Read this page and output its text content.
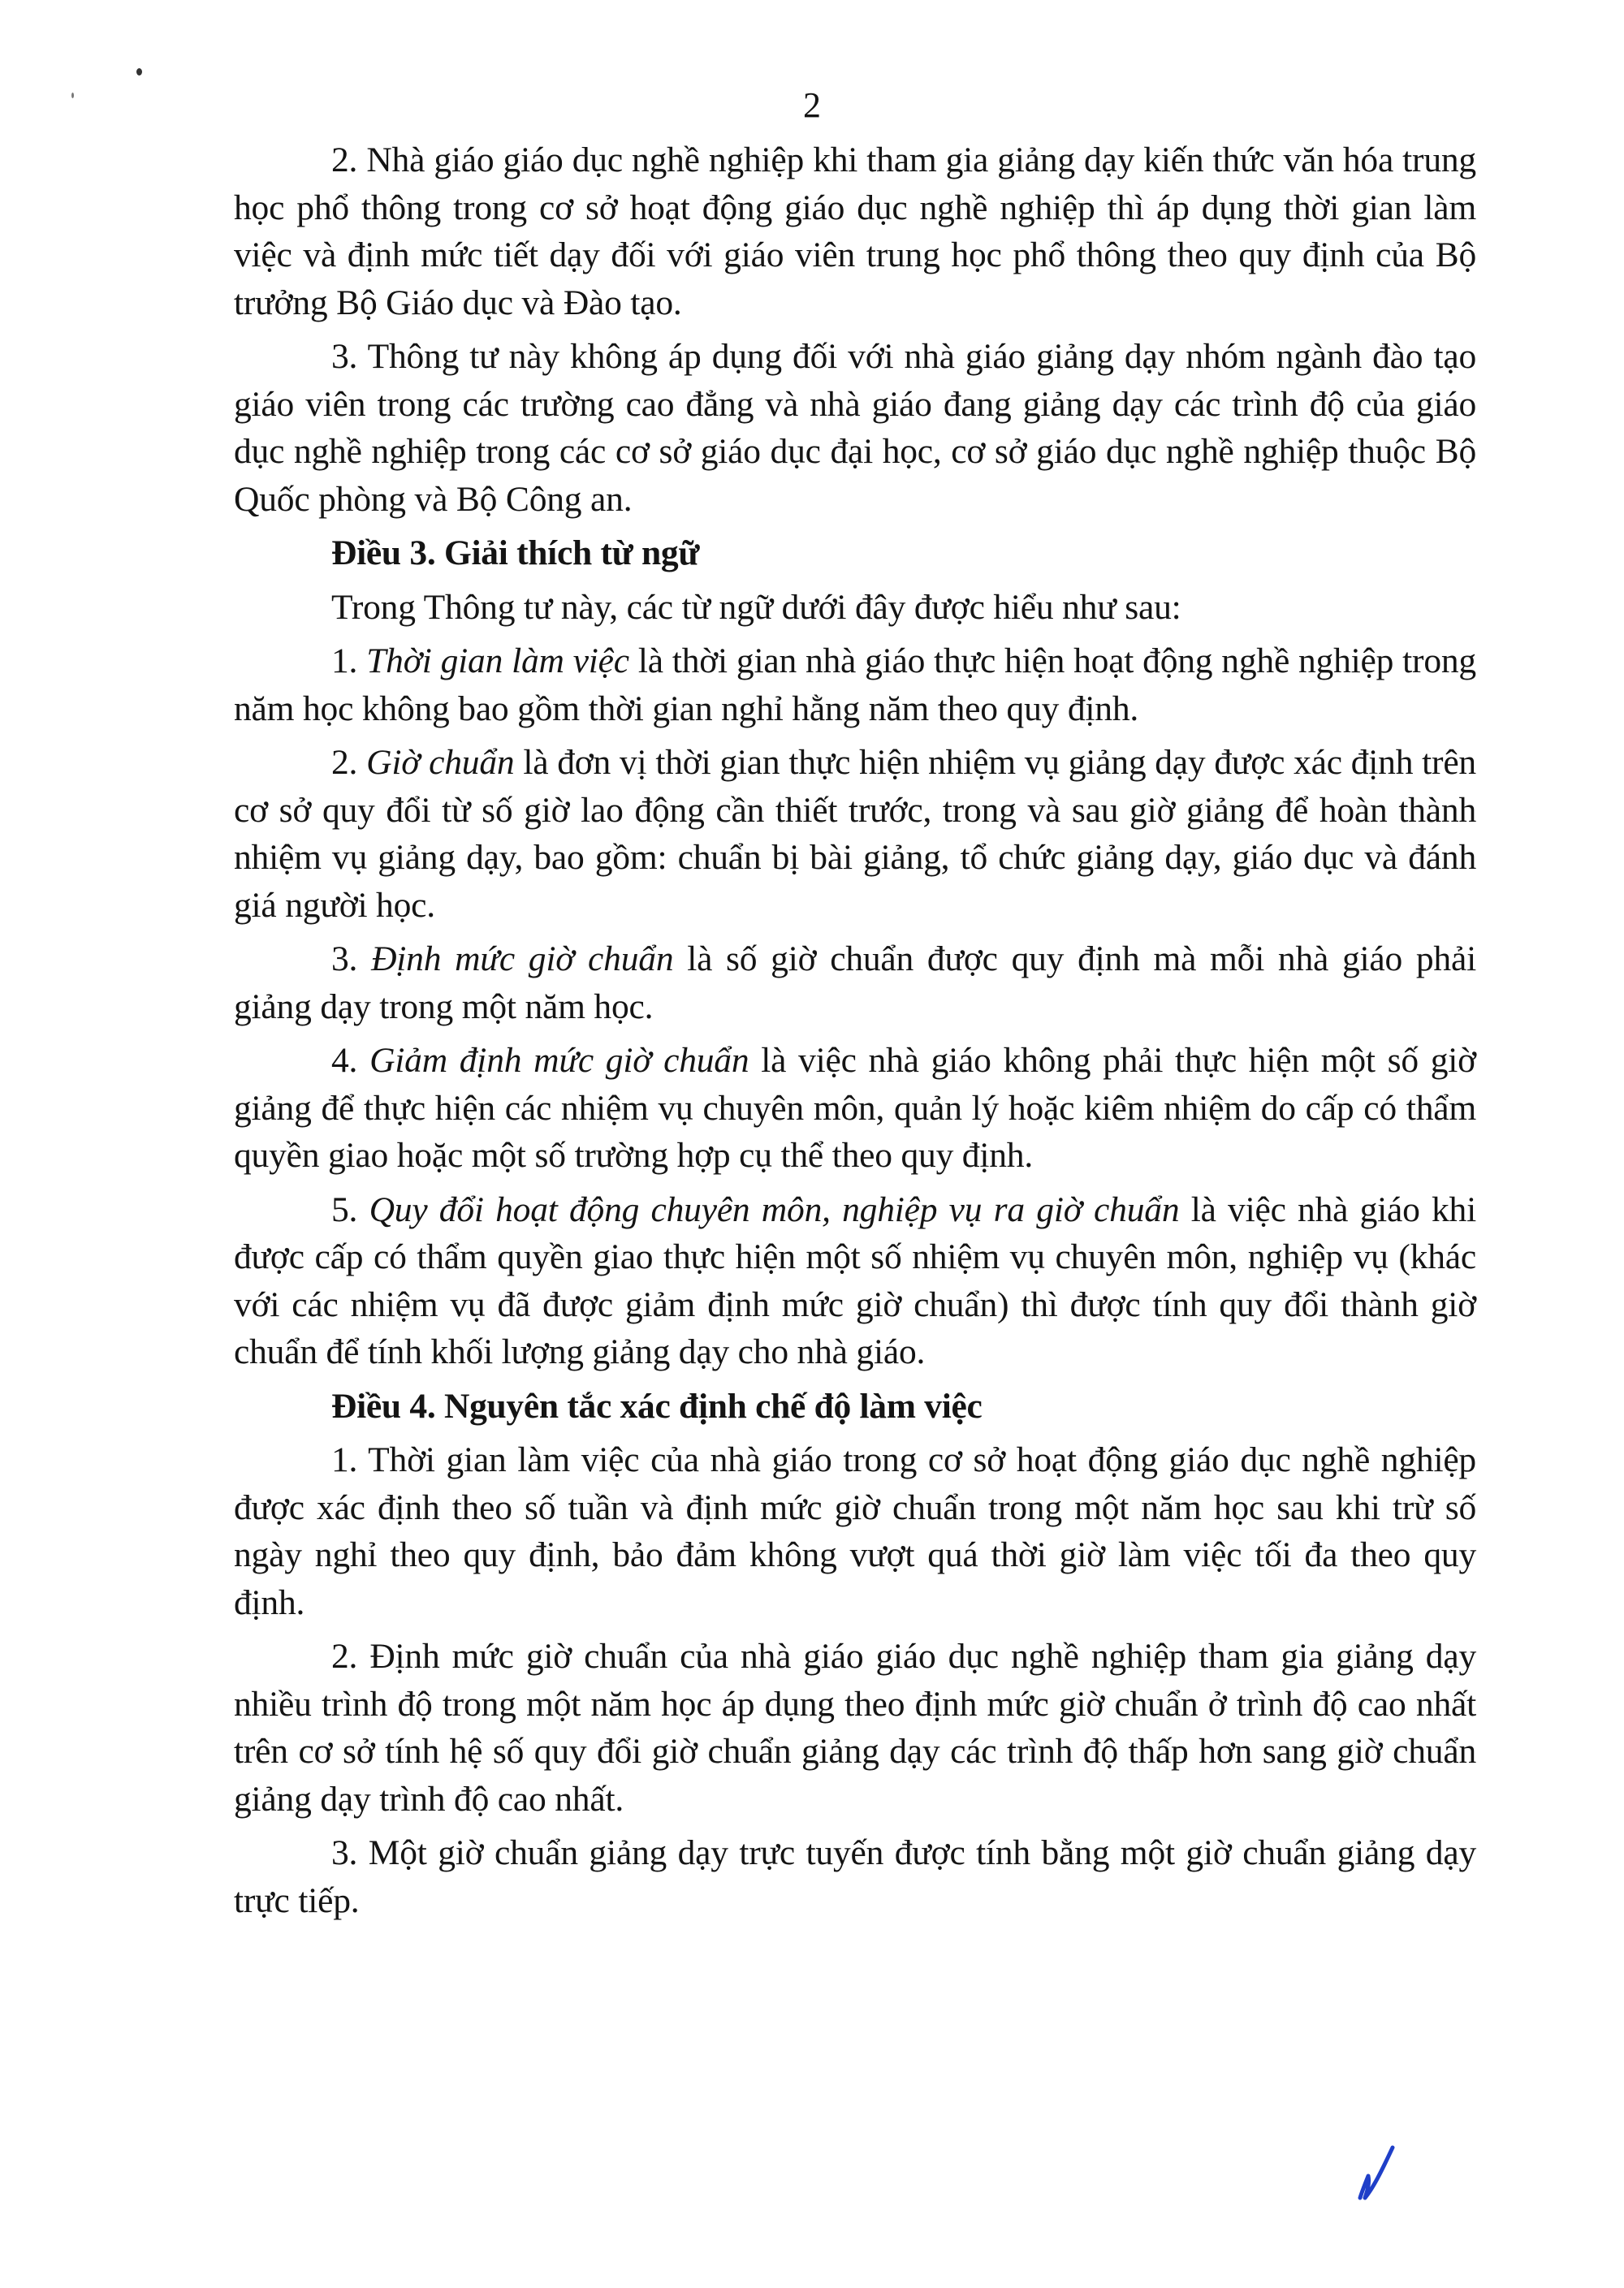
2

2. Nhà giáo giáo dục nghề nghiệp khi tham gia giảng dạy kiến thức văn hóa trung học phổ thông trong cơ sở hoạt động giáo dục nghề nghiệp thì áp dụng thời gian làm việc và định mức tiết dạy đối với giáo viên trung học phổ thông theo quy định của Bộ trưởng Bộ Giáo dục và Đào tạo.

3. Thông tư này không áp dụng đối với nhà giáo giảng dạy nhóm ngành đào tạo giáo viên trong các trường cao đẳng và nhà giáo đang giảng dạy các trình độ của giáo dục nghề nghiệp trong các cơ sở giáo dục đại học, cơ sở giáo dục nghề nghiệp thuộc Bộ Quốc phòng và Bộ Công an.

Điều 3. Giải thích từ ngữ

Trong Thông tư này, các từ ngữ dưới đây được hiểu như sau:

1. Thời gian làm việc là thời gian nhà giáo thực hiện hoạt động nghề nghiệp trong năm học không bao gồm thời gian nghỉ hằng năm theo quy định.

2. Giờ chuẩn là đơn vị thời gian thực hiện nhiệm vụ giảng dạy được xác định trên cơ sở quy đổi từ số giờ lao động cần thiết trước, trong và sau giờ giảng để hoàn thành nhiệm vụ giảng dạy, bao gồm: chuẩn bị bài giảng, tổ chức giảng dạy, giáo dục và đánh giá người học.

3. Định mức giờ chuẩn là số giờ chuẩn được quy định mà mỗi nhà giáo phải giảng dạy trong một năm học.

4. Giảm định mức giờ chuẩn là việc nhà giáo không phải thực hiện một số giờ giảng để thực hiện các nhiệm vụ chuyên môn, quản lý hoặc kiêm nhiệm do cấp có thẩm quyền giao hoặc một số trường hợp cụ thể theo quy định.

5. Quy đổi hoạt động chuyên môn, nghiệp vụ ra giờ chuẩn là việc nhà giáo khi được cấp có thẩm quyền giao thực hiện một số nhiệm vụ chuyên môn, nghiệp vụ (khác với các nhiệm vụ đã được giảm định mức giờ chuẩn) thì được tính quy đổi thành giờ chuẩn để tính khối lượng giảng dạy cho nhà giáo.

Điều 4. Nguyên tắc xác định chế độ làm việc

1. Thời gian làm việc của nhà giáo trong cơ sở hoạt động giáo dục nghề nghiệp được xác định theo số tuần và định mức giờ chuẩn trong một năm học sau khi trừ số ngày nghỉ theo quy định, bảo đảm không vượt quá thời giờ làm việc tối đa theo quy định.

2. Định mức giờ chuẩn của nhà giáo giáo dục nghề nghiệp tham gia giảng dạy nhiều trình độ trong một năm học áp dụng theo định mức giờ chuẩn ở trình độ cao nhất trên cơ sở tính hệ số quy đổi giờ chuẩn giảng dạy các trình độ thấp hơn sang giờ chuẩn giảng dạy trình độ cao nhất.

3. Một giờ chuẩn giảng dạy trực tuyến được tính bằng một giờ chuẩn giảng dạy trực tiếp.
